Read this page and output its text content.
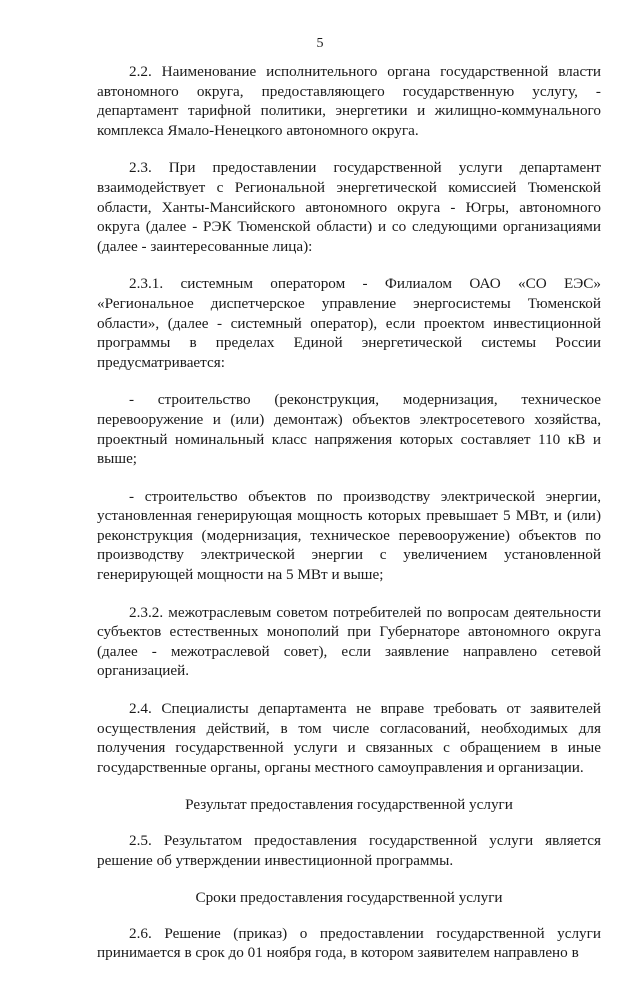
5

2.2. Наименование исполнительного органа государственной власти автономного округа, предоставляющего государственную услугу, - департамент тарифной политики, энергетики и жилищно-коммунального комплекса Ямало-Ненецкого автономного округа.

2.3. При предоставлении государственной услуги департамент взаимодействует с Региональной энергетической комиссией Тюменской области, Ханты-Мансийского автономного округа - Югры, автономного округа (далее - РЭК Тюменской области) и со следующими организациями (далее - заинтересованные лица):

2.3.1. системным оператором - Филиалом ОАО «СО ЕЭС» «Региональное диспетчерское управление энергосистемы Тюменской области», (далее - системный оператор), если проектом инвестиционной программы в пределах Единой энергетической системы России предусматривается:

- строительство (реконструкция, модернизация, техническое перевооружение и (или) демонтаж) объектов электросетевого хозяйства, проектный номинальный класс напряжения которых составляет 110 кВ и выше;

- строительство объектов по производству электрической энергии, установленная генерирующая мощность которых превышает 5 МВт, и (или) реконструкция (модернизация, техническое перевооружение) объектов по производству электрической энергии с увеличением установленной генерирующей мощности на 5 МВт и выше;

2.3.2. межотраслевым советом потребителей по вопросам деятельности субъектов естественных монополий при Губернаторе автономного округа (далее - межотраслевой совет), если заявление направлено сетевой организацией.

2.4. Специалисты департамента не вправе требовать от заявителей осуществления действий, в том числе согласований, необходимых для получения государственной услуги и связанных с обращением в иные государственные органы, органы местного самоуправления и организации.

Результат предоставления государственной услуги

2.5. Результатом предоставления государственной услуги является решение об утверждении инвестиционной программы.

Сроки предоставления государственной услуги

2.6. Решение (приказ) о предоставлении государственной услуги принимается в срок до 01 ноября года, в котором заявителем направлено в
